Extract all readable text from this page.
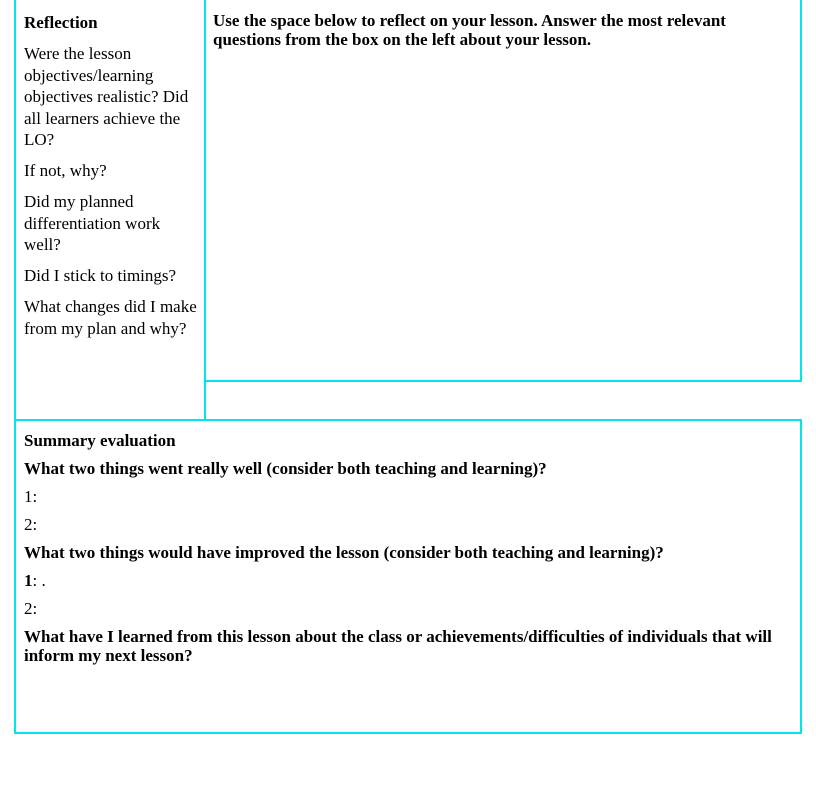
Reflection
Were the lesson objectives/learning objectives realistic? Did all learners achieve the LO?
If not, why?
Did my planned differentiation work well?
Did I stick to timings?
What changes did I make from my plan and why?
Use the space below to reflect on your lesson. Answer the most relevant questions from the box on the left about your lesson.
Summary evaluation
What two things went really well (consider both teaching and learning)?
1:
2:
What two things would have improved the lesson (consider both teaching and learning)?
1: .
2:
What have I learned from this lesson about the class or achievements/difficulties of individuals that will inform my next lesson?
